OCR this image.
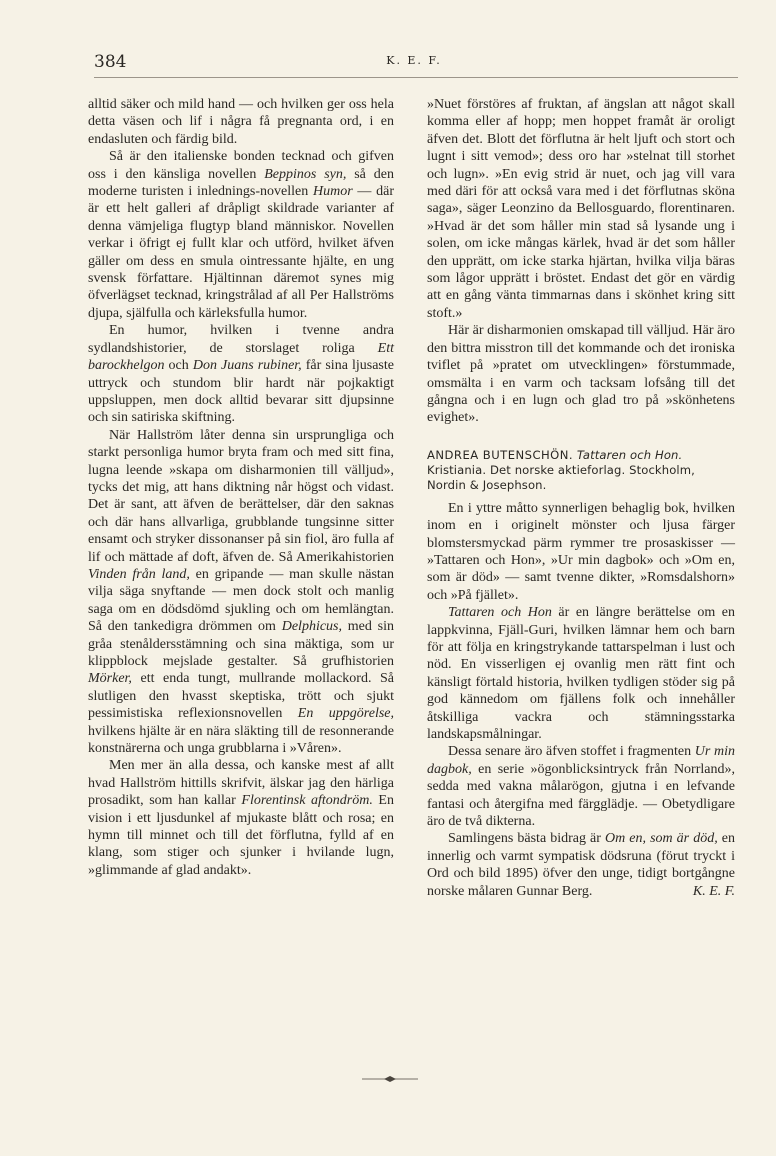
384	K. E. F.

alltid säker och mild hand — och hvilken ger oss hela detta väsen och lif i några få pregnanta ord, i en endasluten och färdig bild.

Så är den italienske bonden tecknad och gifven oss i den känsliga novellen Beppinos syn, så den moderne turisten i inlednings-novellen Humor — där är ett helt galleri af dråpligt skildrade varianter af denna vämjeliga flugtyp bland människor. Novellen verkar i öfrigt ej fullt klar och utförd, hvilket äfven gäller om dess en smula ointressante hjälte, en ung svensk författare. Hjältinnan däremot synes mig öfverlägset tecknad, kringstrålad af all Per Hallströms djupa, själfulla och kärleksfulla humor.

En humor, hvilken i tvenne andra sydlandshistorier, de storslaget roliga Ett barockhelgon och Don Juans rubiner, får sina ljusaste uttryck och stundom blir hardt när pojkaktigt uppsluppen, men dock alltid bevarar sitt djupsinne och sin satiriska skiftning.

När Hallström låter denna sin ursprungliga och starkt personliga humor bryta fram och med sitt fina, lugna leende »skapa om disharmonien till välljud», tycks det mig, att hans diktning når högst och vidast. Det är sant, att äfven de berättelser, där den saknas och där hans allvarliga, grubblande tungsinne sitter ensamt och stryker dissonanser på sin fiol, äro fulla af lif och mättade af doft, äfven de. Så Amerikahistorien Vinden från land, en gripande — man skulle nästan vilja säga snyftande — men dock stolt och manlig saga om en dödsdömd sjukling och om hemlängtan. Så den tankedigra drömmen om Delphicus, med sin gråa stenåldersstämning och sina mäktiga, som ur klippblock mejslade gestalter. Så grufhistorien Mörker, ett enda tungt, mullrande mollackord. Så slutligen den hvasst skeptiska, trött och sjukt pessimistiska reflexionsnovellen En uppgörelse, hvilkens hjälte är en nära släkting till de resonnerande konstnärerna och unga grubblarna i »Våren».

Men mer än alla dessa, och kanske mest af allt hvad Hallström hittills skrifvit, älskar jag den härliga prosadikt, som han kallar Florentinsk aftondröm. En vision i ett ljusdunkel af mjukaste blått och rosa; en hymn till minnet och till det förflutna, fylld af en klang, som stiger och sjunker i hvilande lugn, »glimmande af glad andakt».

»Nuet förstöres af fruktan, af ängslan att något skall komma eller af hopp; men hoppet framåt är oroligt äfven det. Blott det förflutna är helt ljuft och stort och lugnt i sitt vemod»; dess oro har »stelnat till storhet och lugn». »En evig strid är nuet, och jag vill vara med däri för att också vara med i det förflutnas sköna saga», säger Leonzino da Bellosguardo, florentinaren. »Hvad är det som håller min stad så lysande ung i solen, om icke mångas kärlek, hvad är det som håller den upprätt, om icke starka hjärtan, hvilka vilja bäras som lågor upprätt i bröstet. Endast det gör en värdig att en gång vänta timmarnas dans i skönhet kring sitt stoft.»

Här är disharmonien omskapad till välljud. Här äro den bittra misstron till det kommande och det ironiska tviflet på »pratet om utvecklingen» förstummade, omsmälta i en varm och tacksam lofsång till det gångna och i en lugn och glad tro på »skönhetens evighet».

ANDREA BUTENSCHÖN. Tattaren och Hon. Kristiania. Det norske aktieforlag. Stockholm, Nordin & Josephson.

En i yttre måtto synnerligen behaglig bok, hvilken inom en i originelt mönster och ljusa färger blomstersmyckad pärm rymmer tre prosaskisser — »Tattaren och Hon», »Ur min dagbok» och »Om en, som är död» — samt tvenne dikter, »Romsdalshorn» och »På fjället».

Tattaren och Hon är en längre berättelse om en lappkvinna, Fjäll-Guri, hvilken lämnar hem och barn för att följa en kringstrykande tattarspelman i lust och nöd. En visserligen ej ovanlig men rätt fint och känsligt förtald historia, hvilken tydligen stöder sig på god kännedom om fjällens folk och innehåller åtskilliga vackra och stämningsstarka landskapsmålningar.

Dessa senare äro äfven stoffet i fragmenten Ur min dagbok, en serie »ögonblicksintryck från Norrland», sedda med vakna målarögon, gjutna i en lefvande fantasi och återgifna med färgglädje. — Obetydligare äro de två dikterna.

Samlingens bästa bidrag är Om en, som är död, en innerlig och varmt sympatisk dödsruna (förut tryckt i Ord och bild 1895) öfver den unge, tidigt bortgångne norske målaren Gunnar Berg.	K. E. F.
